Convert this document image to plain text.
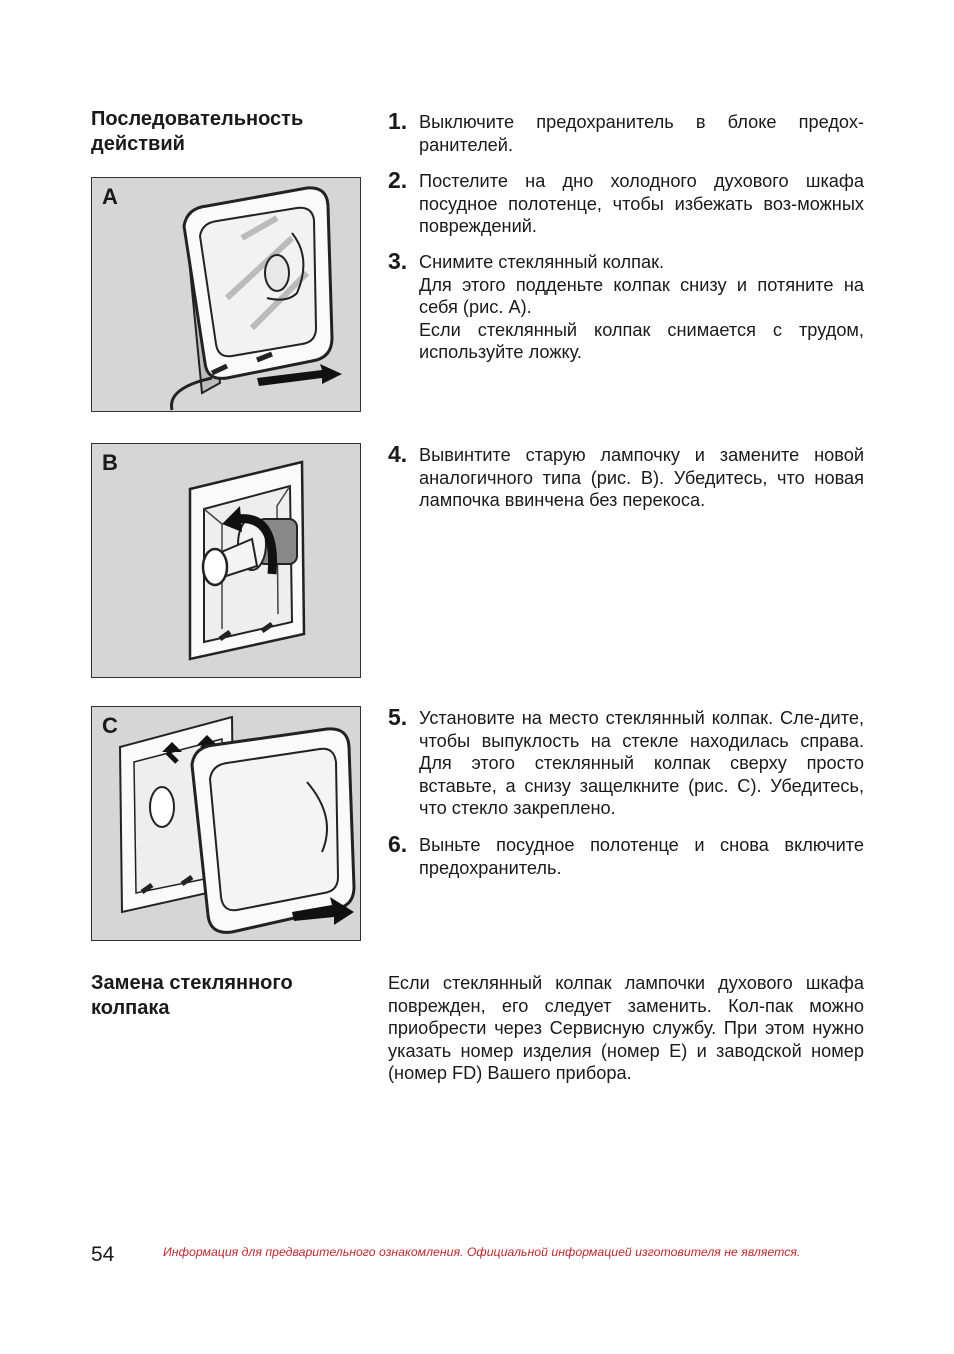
Последовательность
действий
Замена стеклянного
колпака
A
B
C
1. Выключите предохранитель в блоке предох-ранителей.

2. Постелите на дно холодного духового шкафа посудное полотенце, чтобы избежать воз-можных повреждений.

3. Снимите стеклянный колпак.

Для этого подденьте колпак снизу и потяните на себя (рис. A).

Если стеклянный колпак снимается с трудом, используйте ложку.

4. Вывинтите старую лампочку и замените новой аналогичного типа (рис. B). Убедитесь, что новая лампочка ввинчена без перекоса.

5. Установите на место стеклянный колпак. Сле-дите, чтобы выпуклость на стекле находилась справа. Для этого стеклянный колпак сверху просто вставьте, а снизу защелкните (рис. C). Убедитесь, что стекло закреплено.

6. Выньте посудное полотенце и снова включите предохранитель.

Если стеклянный колпак лампочки духового шкафа поврежден, его следует заменить. Кол-пак можно приобрести через Сервисную службу. При этом нужно указать номер изделия (номер E) и заводской номер (номер FD) Вашего прибора.
54	Информация для предварительного ознакомления. Официальной информацией изготовителя не является.
